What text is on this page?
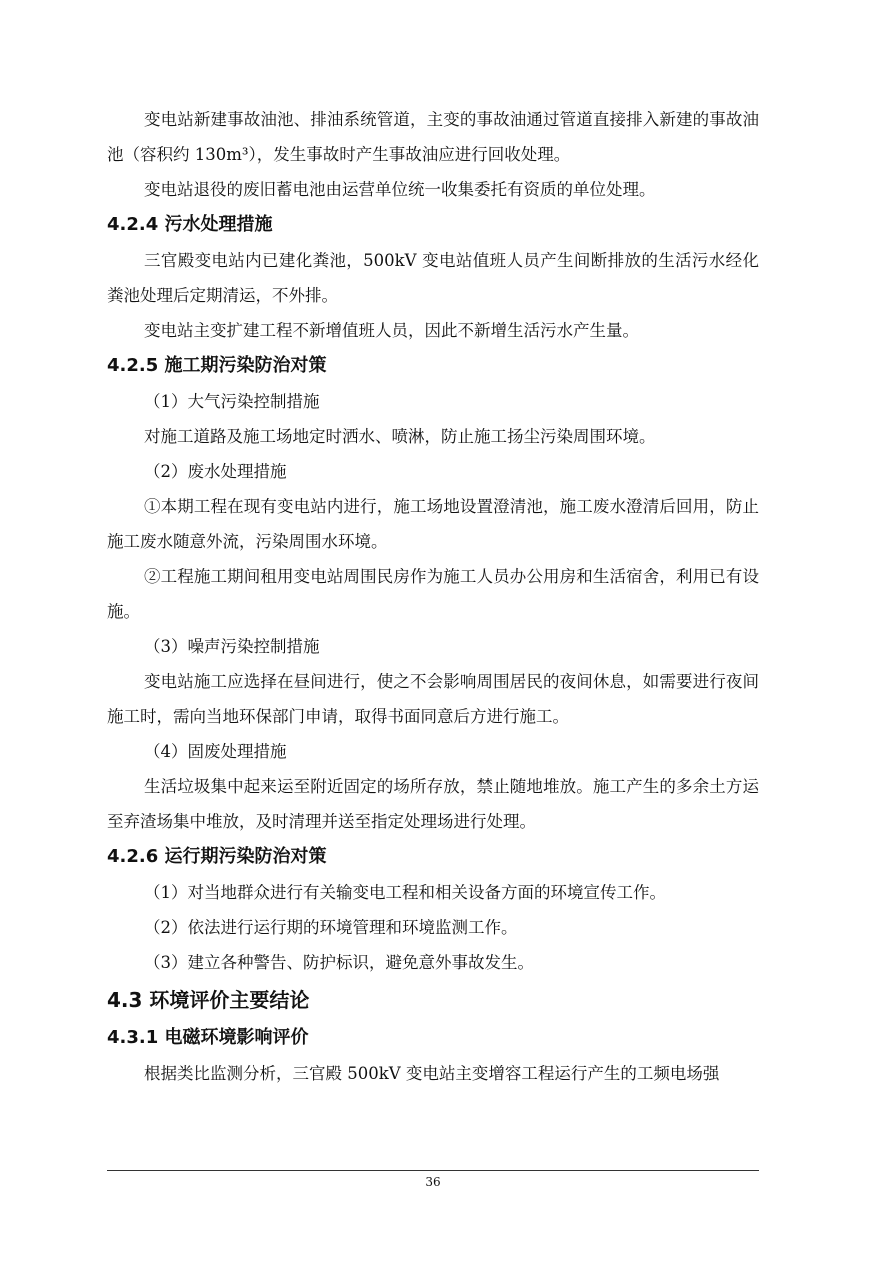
变电站新建事故油池、排油系统管道，主变的事故油通过管道直接排入新建的事故油池（容积约 130m³），发生事故时产生事故油应进行回收处理。

变电站退役的废旧蓄电池由运营单位统一收集委托有资质的单位处理。

4.2.4 污水处理措施

三官殿变电站内已建化粪池，500kV 变电站值班人员产生间断排放的生活污水经化粪池处理后定期清运，不外排。

变电站主变扩建工程不新增值班人员，因此不新增生活污水产生量。

4.2.5 施工期污染防治对策

（1）大气污染控制措施

对施工道路及施工场地定时洒水、喷淋，防止施工扬尘污染周围环境。

（2）废水处理措施

①本期工程在现有变电站内进行，施工场地设置澄清池，施工废水澄清后回用，防止施工废水随意外流，污染周围水环境。

②工程施工期间租用变电站周围民房作为施工人员办公用房和生活宿舍，利用已有设施。

（3）噪声污染控制措施

变电站施工应选择在昼间进行，使之不会影响周围居民的夜间休息，如需要进行夜间施工时，需向当地环保部门申请，取得书面同意后方进行施工。

（4）固废处理措施

生活垃圾集中起来运至附近固定的场所存放，禁止随地堆放。施工产生的多余土方运至弃渣场集中堆放，及时清理并送至指定处理场进行处理。

4.2.6 运行期污染防治对策

（1）对当地群众进行有关输变电工程和相关设备方面的环境宣传工作。

（2）依法进行运行期的环境管理和环境监测工作。

（3）建立各种警告、防护标识，避免意外事故发生。

4.3 环境评价主要结论
4.3.1 电磁环境影响评价

根据类比监测分析，三官殿 500kV 变电站主变增容工程运行产生的工频电场强

36
